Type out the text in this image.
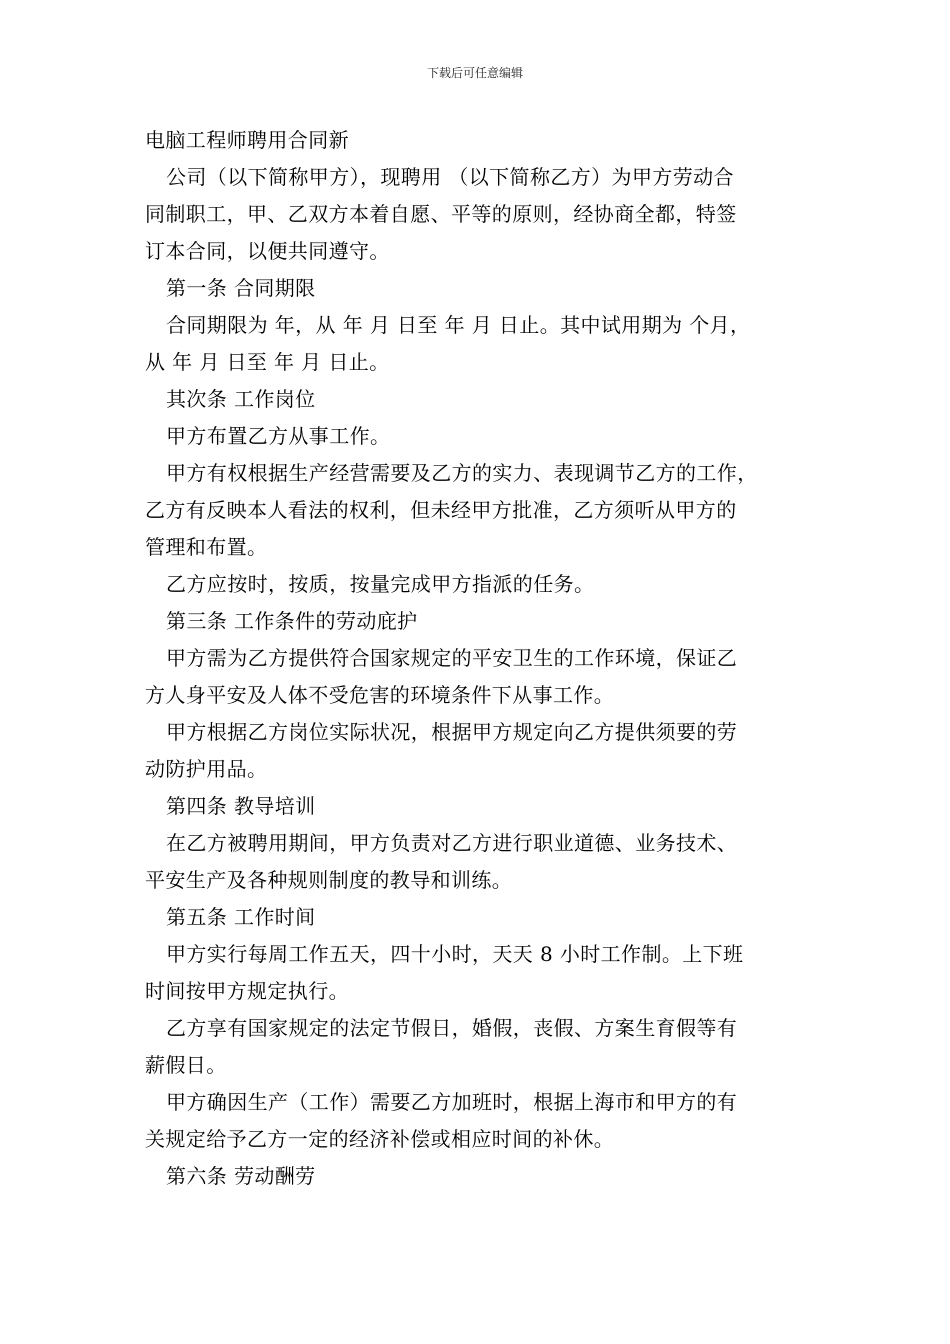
下载后可任意编辑
电脑工程师聘用合同新
公司（以下简称甲方），现聘用 （以下简称乙方）为甲方劳动合
同制职工，甲、乙双方本着自愿、平等的原则，经协商全都，特签
订本合同，以便共同遵守。
第一条 合同期限
合同期限为 年，从 年 月 日至 年 月 日止。其中试用期为 个月，
从 年 月 日至 年 月 日止。
其次条 工作岗位
甲方布置乙方从事工作。
甲方有权根据生产经营需要及乙方的实力、表现调节乙方的工作，
乙方有反映本人看法的权利，但未经甲方批准，乙方须听从甲方的
管理和布置。
乙方应按时，按质，按量完成甲方指派的任务。
第三条 工作条件的劳动庇护
甲方需为乙方提供符合国家规定的平安卫生的工作环境，保证乙
方人身平安及人体不受危害的环境条件下从事工作。
甲方根据乙方岗位实际状况，根据甲方规定向乙方提供须要的劳
动防护用品。
第四条 教导培训
在乙方被聘用期间，甲方负责对乙方进行职业道德、业务技术、
平安生产及各种规则制度的教导和训练。
第五条 工作时间
甲方实行每周工作五天，四十小时，天天 8 小时工作制。上下班
时间按甲方规定执行。
乙方享有国家规定的法定节假日，婚假，丧假、方案生育假等有
薪假日。
甲方确因生产（工作）需要乙方加班时，根据上海市和甲方的有
关规定给予乙方一定的经济补偿或相应时间的补休。
第六条 劳动酬劳
